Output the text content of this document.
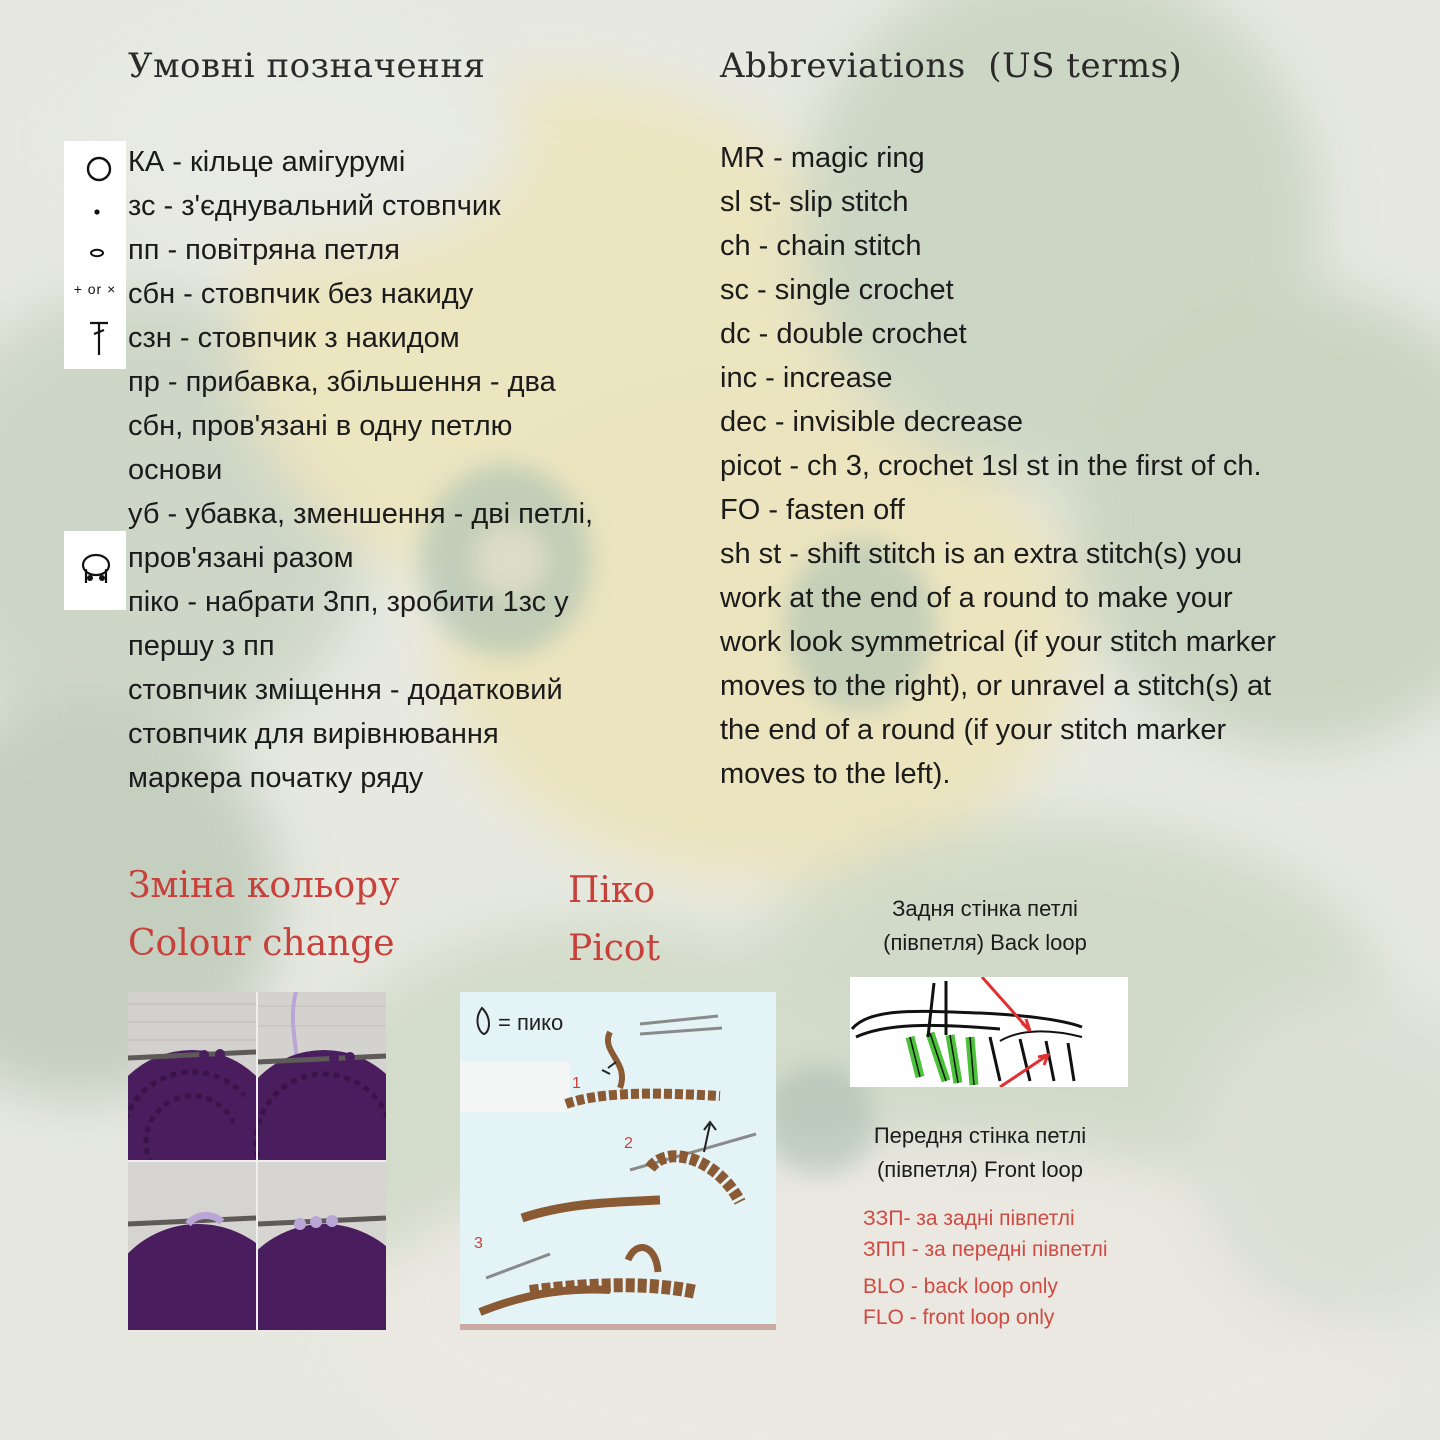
Умовні позначення
+ or ×
КА - кільце амігурумі
зс - з'єднувальний стовпчик
пп - повітряна петля
сбн - стовпчик без накиду
сзн - стовпчик з накидом
пр - прибавка, збільшення - два
сбн, пров'язані в одну петлю
основи
уб - убавка, зменшення - дві петлі,
пров'язані разом
піко - набрати 3пп, зробити 1зс у
першу з пп
стовпчик зміщення - додатковий
стовпчик для вирівнювання
маркера початку ряду
Abbreviations  (US terms)
MR - magic ring
sl st- slip stitch
ch - chain stitch
sc - single crochet
dc - double crochet
inc - increase
dec - invisible decrease
picot - ch 3, crochet 1sl st in the first of ch.
FO - fasten off
sh st - shift stitch is an extra stitch(s) you
work at the end of a round to make your
work look symmetrical (if your stitch marker
moves to the right), or unravel a stitch(s) at
the end of a round (if your stitch marker
moves to the left).
Зміна кольору
Colour change
Піко
Picot
= пико
1
2
3
Задня стінка петлі
(півпетля) Back loop
Передня стінка петлі
(півпетля) Front loop
ЗЗП- за задні півпетлі
ЗПП - за передні півпетлі
BLO - back loop only
FLO - front loop only
